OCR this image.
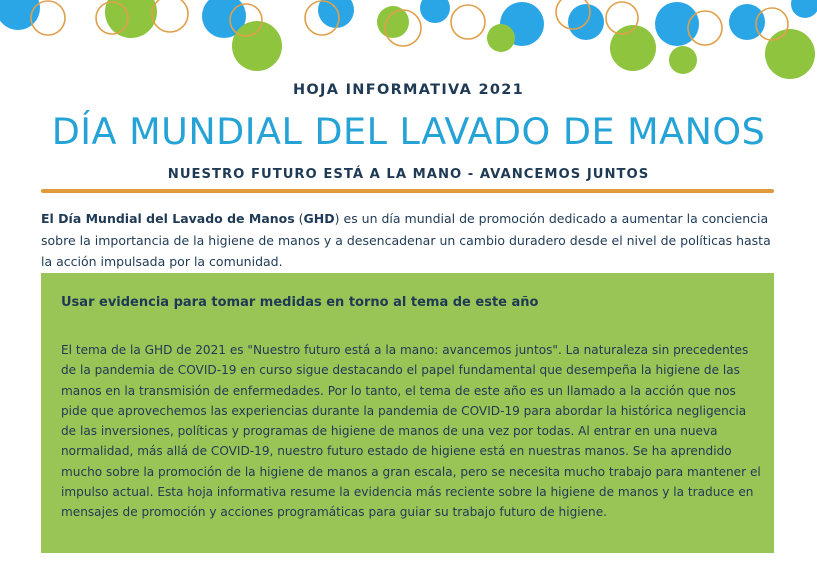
HOJA INFORMATIVA 2021
DÍA MUNDIAL DEL LAVADO DE MANOS
NUESTRO FUTURO ESTÁ A LA MANO - AVANCEMOS JUNTOS

El Día Mundial del Lavado de Manos (GHD) es un día mundial de promoción dedicado a aumentar la conciencia sobre la importancia de la higiene de manos y a desencadenar un cambio duradero desde el nivel de políticas hasta la acción impulsada por la comunidad.

Usar evidencia para tomar medidas en torno al tema de este año

El tema de la GHD de 2021 es "Nuestro futuro está a la mano: avancemos juntos". La naturaleza sin precedentes de la pandemia de COVID-19 en curso sigue destacando el papel fundamental que desempeña la higiene de las manos en la transmisión de enfermedades. Por lo tanto, el tema de este año es un llamado a la acción que nos pide que aprovechemos las experiencias durante la pandemia de COVID-19 para abordar la histórica negligencia de las inversiones, políticas y programas de higiene de manos de una vez por todas. Al entrar en una nueva normalidad, más allá de COVID-19, nuestro futuro estado de higiene está en nuestras manos. Se ha aprendido mucho sobre la promoción de la higiene de manos a gran escala, pero se necesita mucho trabajo para mantener el impulso actual. Esta hoja informativa resume la evidencia más reciente sobre la higiene de manos y la traduce en mensajes de promoción y acciones programáticas para guiar su trabajo futuro de higiene.
